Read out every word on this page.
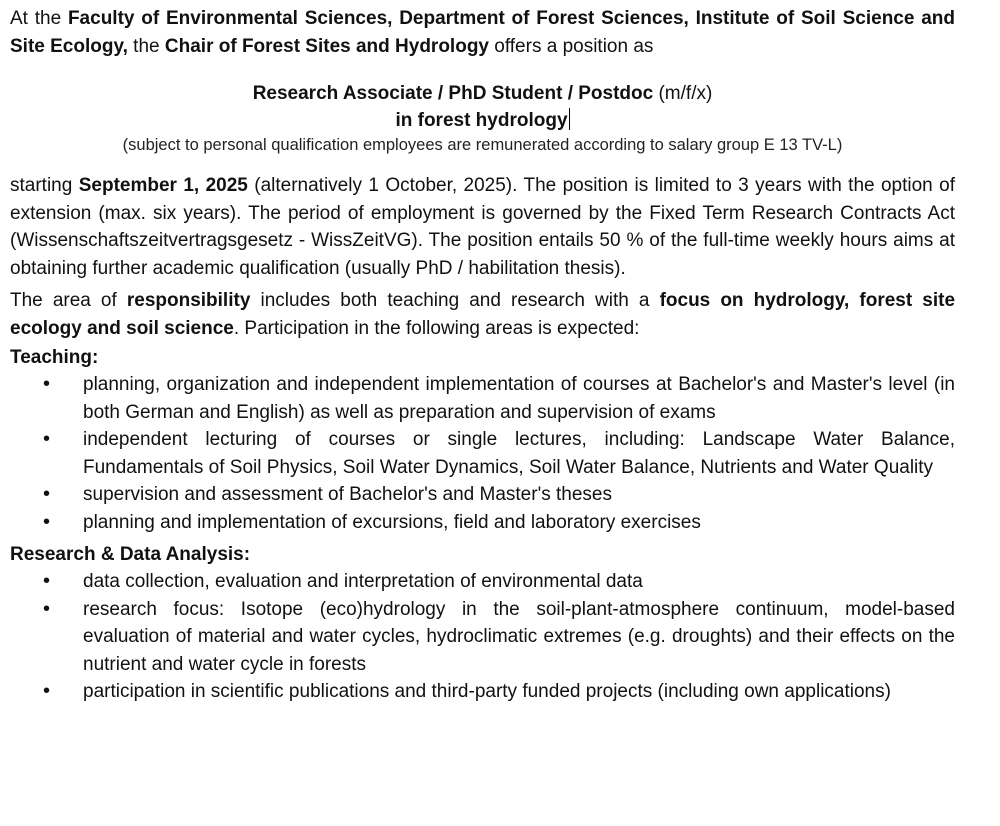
At the Faculty of Environmental Sciences, Department of Forest Sciences, Institute of Soil Science and Site Ecology, the Chair of Forest Sites and Hydrology offers a position as

Research Associate / PhD Student / Postdoc (m/f/x)
in forest hydrology
(subject to personal qualification employees are remunerated according to salary group E 13 TV-L)

starting September 1, 2025 (alternatively 1 October, 2025). The position is limited to 3 years with the option of extension (max. six years). The period of employment is governed by the Fixed Term Research Contracts Act (Wissenschaftszeitvertragsgesetz - WissZeitVG). The position entails 50 % of the full-time weekly hours aims at obtaining further academic qualification (usually PhD / habilitation thesis).

The area of responsibility includes both teaching and research with a focus on hydrology, forest site ecology and soil science. Participation in the following areas is expected:

Teaching:
• planning, organization and independent implementation of courses at Bachelor's and Master's level (in both German and English) as well as preparation and supervision of exams
• independent lecturing of courses or single lectures, including: Landscape Water Balance, Fundamentals of Soil Physics, Soil Water Dynamics, Soil Water Balance, Nutrients and Water Quality
• supervision and assessment of Bachelor's and Master's theses
• planning and implementation of excursions, field and laboratory exercises
Research & Data Analysis:
• data collection, evaluation and interpretation of environmental data
• research focus: Isotope (eco)hydrology in the soil-plant-atmosphere continuum, model-based evaluation of material and water cycles, hydroclimatic extremes (e.g. droughts) and their effects on the nutrient and water cycle in forests
• participation in scientific publications and third-party funded projects (including own applications)
